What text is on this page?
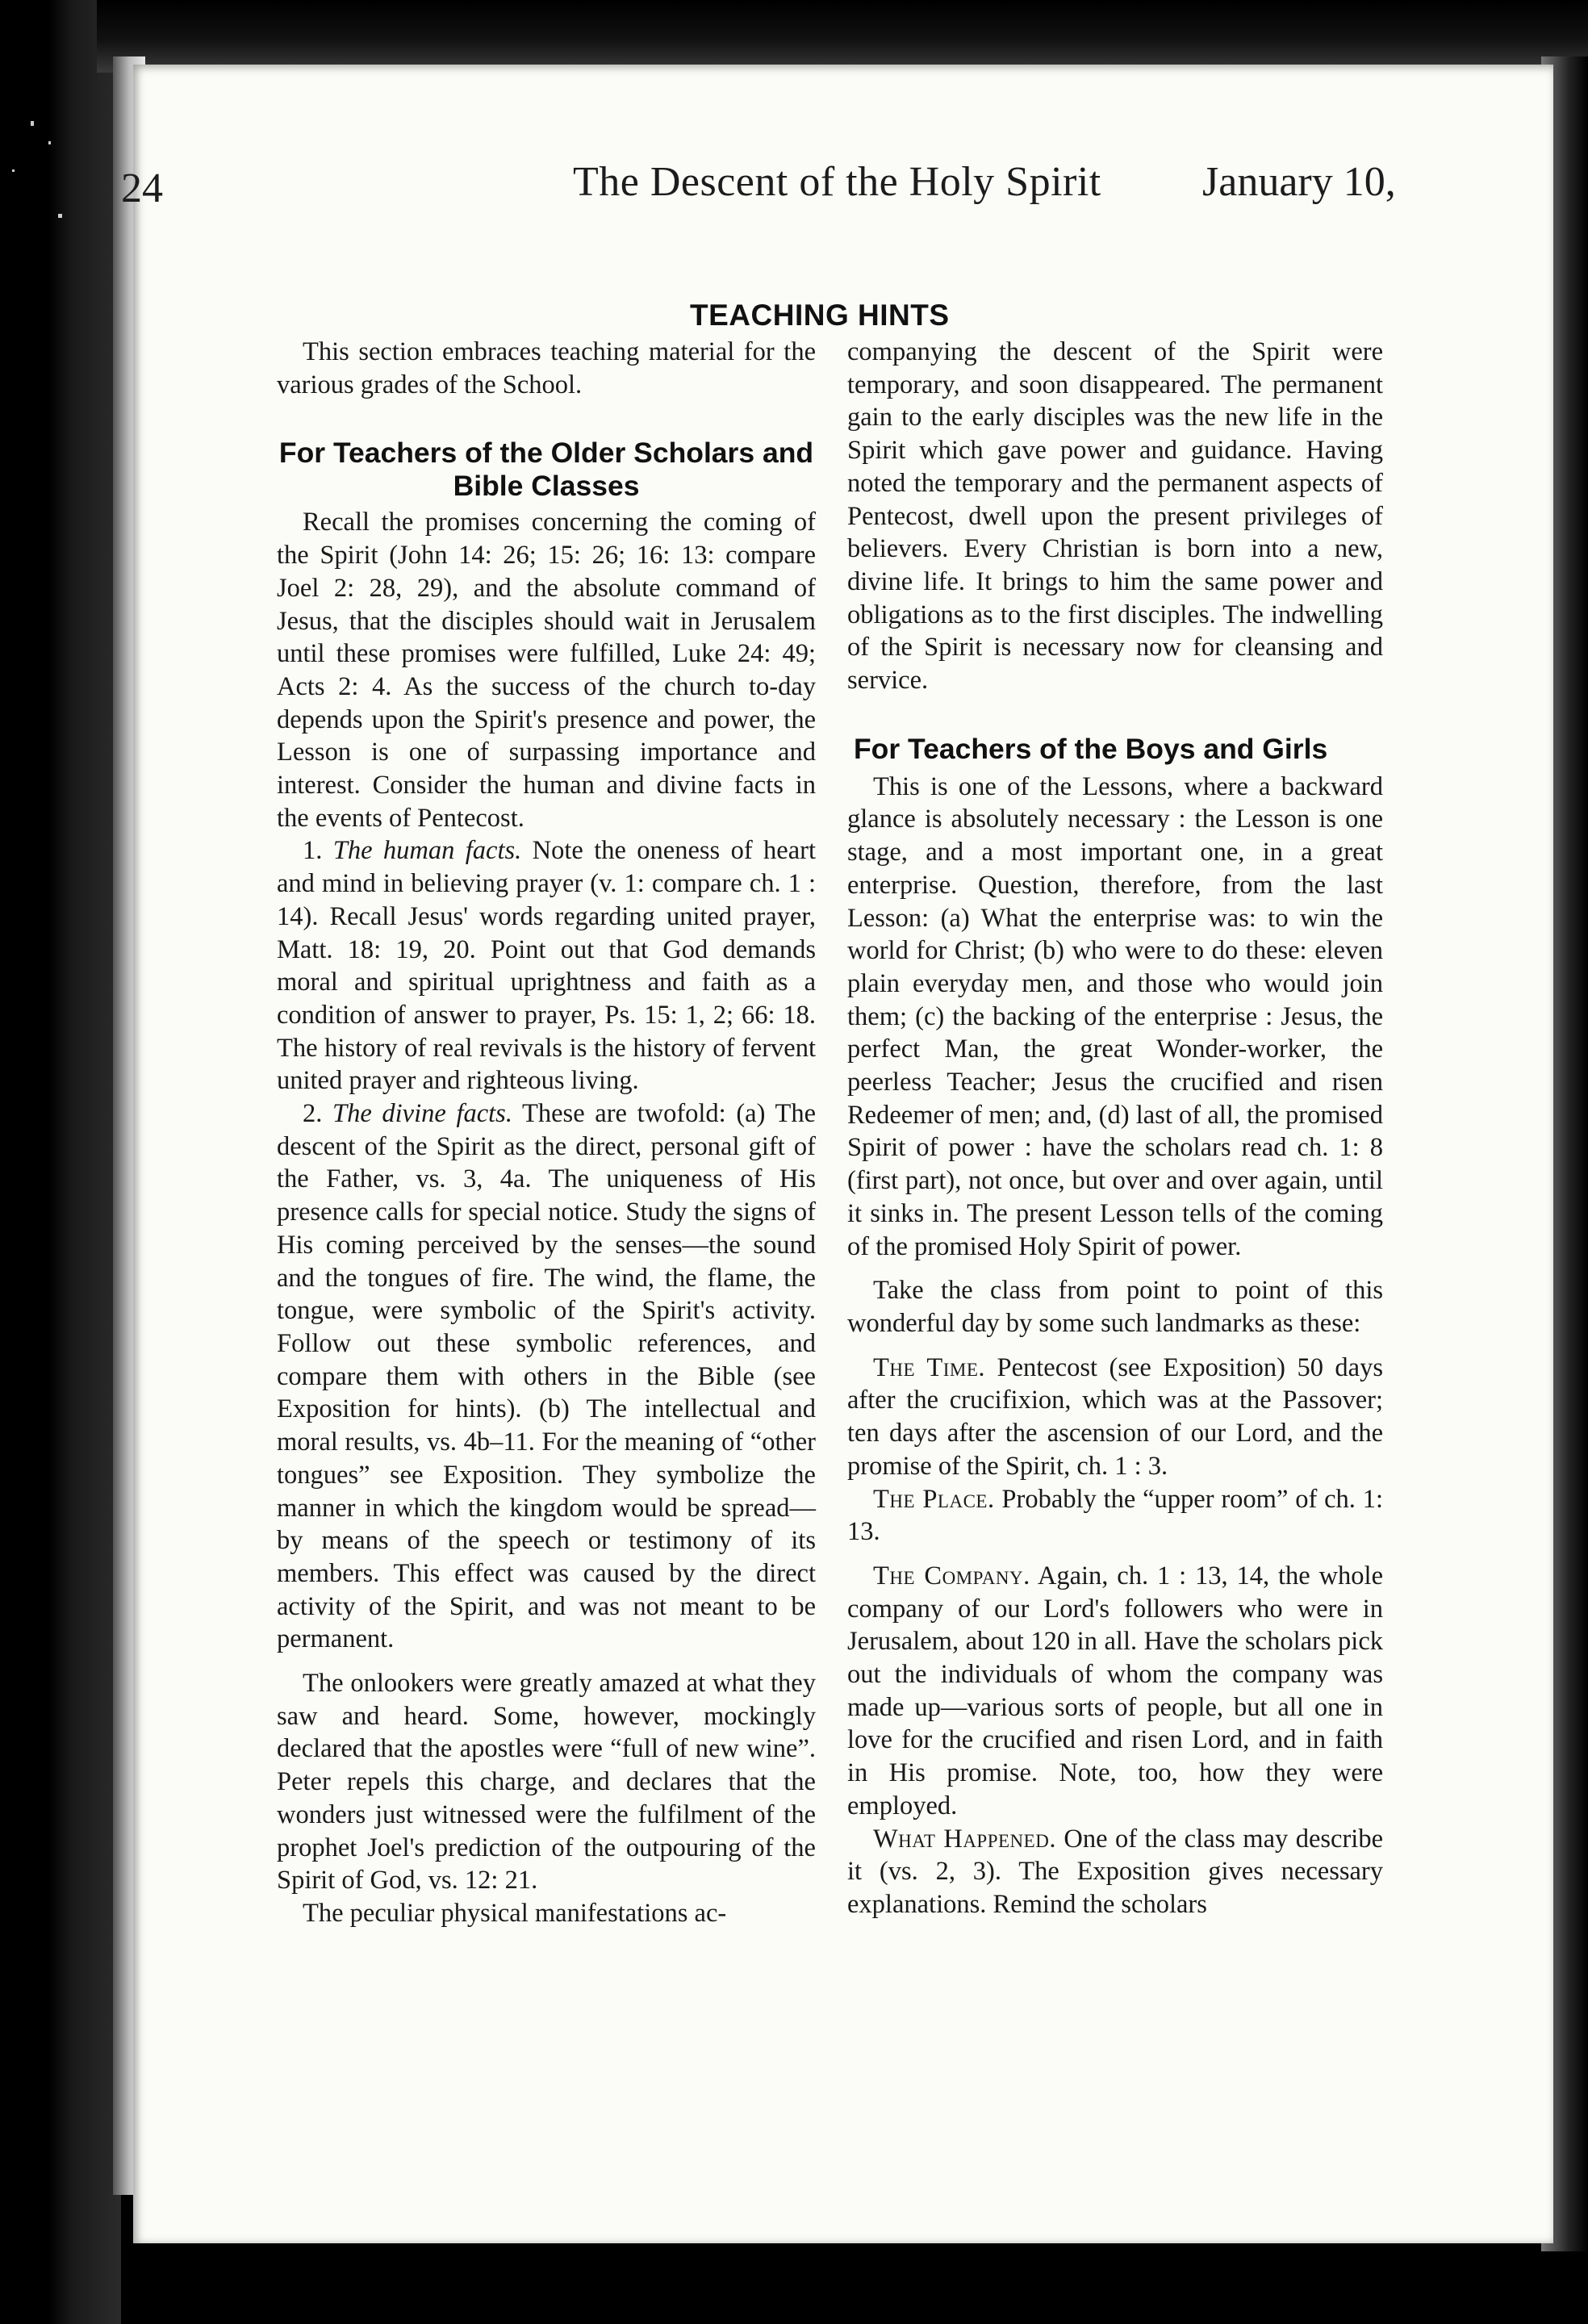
24	The Descent of the Holy Spirit January 10,
TEACHING HINTS

This section embraces teaching material for the various grades of the School.

For Teachers of the Older Scholars and Bible Classes

Recall the promises concerning the coming of the Spirit (John 14: 26; 15: 26; 16: 13: compare Joel 2: 28, 29), and the absolute command of Jesus, that the disciples should wait in Jerusalem until these promises were fulfilled, Luke 24: 49; Acts 2: 4. As the success of the church to-day depends upon the Spirit's presence and power, the Lesson is one of surpassing importance and interest. Consider the human and divine facts in the events of Pentecost.

1. The human facts. Note the oneness of heart and mind in believing prayer (v. 1: compare ch. 1 : 14). Recall Jesus' words regarding united prayer, Matt. 18: 19, 20. Point out that God demands moral and spiritual uprightness and faith as a condition of answer to prayer, Ps. 15: 1, 2; 66: 18. The history of real revivals is the history of fervent united prayer and righteous living.

2. The divine facts. These are twofold: (a) The descent of the Spirit as the direct, personal gift of the Father, vs. 3, 4a. The uniqueness of His presence calls for special notice. Study the signs of His coming perceived by the senses—the sound and the tongues of fire. The wind, the flame, the tongue, were symbolic of the Spirit's activity. Follow out these symbolic references, and compare them with others in the Bible (see Exposition for hints). (b) The intellectual and moral results, vs. 4b–11. For the meaning of “other tongues” see Exposition. They symbolize the manner in which the kingdom would be spread—by means of the speech or testimony of its members. This effect was caused by the direct activity of the Spirit, and was not meant to be permanent.

The onlookers were greatly amazed at what they saw and heard. Some, however, mockingly declared that the apostles were “full of new wine”. Peter repels this charge, and declares that the wonders just witnessed were the fulfilment of the prophet Joel's prediction of the outpouring of the Spirit of God, vs. 12: 21.

The peculiar physical manifestations ac-

companying the descent of the Spirit were temporary, and soon disappeared. The permanent gain to the early disciples was the new life in the Spirit which gave power and guidance. Having noted the temporary and the permanent aspects of Pentecost, dwell upon the present privileges of believers. Every Christian is born into a new, divine life. It brings to him the same power and obligations as to the first disciples. The indwelling of the Spirit is necessary now for cleansing and service.

For Teachers of the Boys and Girls

This is one of the Lessons, where a backward glance is absolutely necessary : the Lesson is one stage, and a most important one, in a great enterprise. Question, therefore, from the last Lesson: (a) What the enterprise was: to win the world for Christ; (b) who were to do these: eleven plain everyday men, and those who would join them; (c) the backing of the enterprise : Jesus, the perfect Man, the great Wonder-worker, the peerless Teacher; Jesus the crucified and risen Redeemer of men; and, (d) last of all, the promised Spirit of power : have the scholars read ch. 1: 8 (first part), not once, but over and over again, until it sinks in. The present Lesson tells of the coming of the promised Holy Spirit of power.

Take the class from point to point of this wonderful day by some such landmarks as these:

The Time. Pentecost (see Exposition) 50 days after the crucifixion, which was at the Passover; ten days after the ascension of our Lord, and the promise of the Spirit, ch. 1 : 3.

The Place. Probably the “upper room” of ch. 1: 13.

The Company. Again, ch. 1 : 13, 14, the whole company of our Lord's followers who were in Jerusalem, about 120 in all. Have the scholars pick out the individuals of whom the company was made up—various sorts of people, but all one in love for the crucified and risen Lord, and in faith in His promise. Note, too, how they were employed.

What Happened. One of the class may describe it (vs. 2, 3). The Exposition gives necessary explanations. Remind the scholars
